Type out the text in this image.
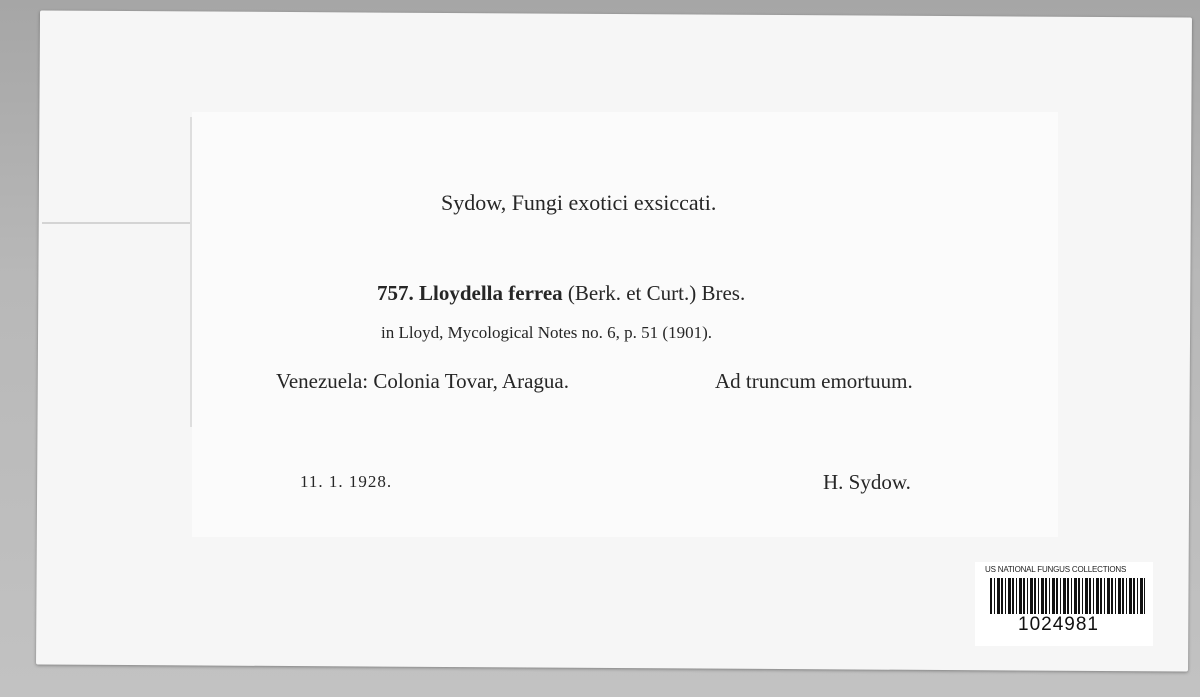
Sydow, Fungi exotici exsiccati.
757. Lloydella ferrea (Berk. et Curt.) Bres.
in Lloyd, Mycological Notes no. 6, p. 51 (1901).
Venezuela: Colonia Tovar, Aragua.	Ad truncum emortuum.
11. 1. 1928.	H. Sydow.
US NATIONAL FUNGUS COLLECTIONS
1024981
